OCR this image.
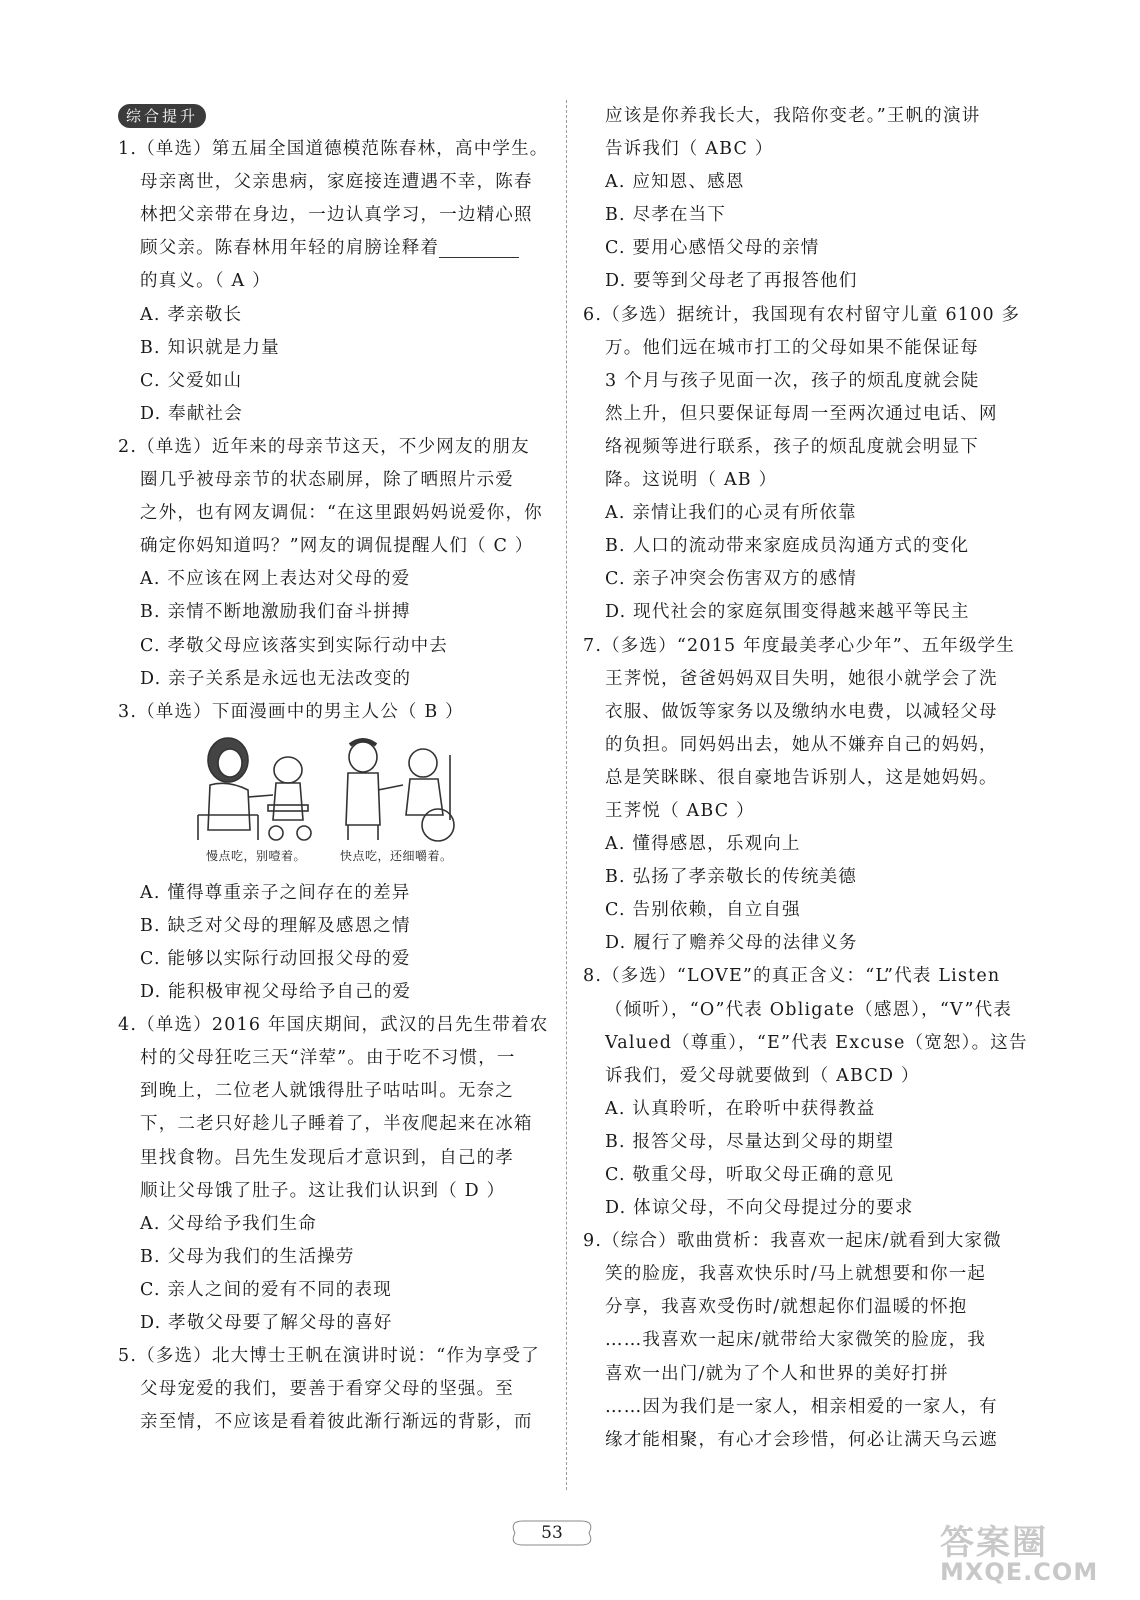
综合提升
1.（单选）第五届全国道德模范陈春林，高中学生。
母亲离世，父亲患病，家庭接连遭遇不幸，陈春
林把父亲带在身边，一边认真学习，一边精心照
顾父亲。陈春林用年轻的肩膀诠释着
的真义。（ A ）
A. 孝亲敬长
B. 知识就是力量
C. 父爱如山
D. 奉献社会
2.（单选）近年来的母亲节这天，不少网友的朋友
圈几乎被母亲节的状态刷屏，除了晒照片示爱
之外，也有网友调侃：“在这里跟妈妈说爱你，你
确定你妈知道吗？”网友的调侃提醒人们（ C ）
A. 不应该在网上表达对父母的爱
B. 亲情不断地激励我们奋斗拼搏
C. 孝敬父母应该落实到实际行动中去
D. 亲子关系是永远也无法改变的
3.（单选）下面漫画中的男主人公（ B ）
慢点吃，别噎着。	快点吃，还细嚼着。
A. 懂得尊重亲子之间存在的差异
B. 缺乏对父母的理解及感恩之情
C. 能够以实际行动回报父母的爱
D. 能积极审视父母给予自己的爱
4.（单选）2016 年国庆期间，武汉的吕先生带着农
村的父母狂吃三天“洋荤”。由于吃不习惯，一
到晚上，二位老人就饿得肚子咕咕叫。无奈之
下，二老只好趁儿子睡着了，半夜爬起来在冰箱
里找食物。吕先生发现后才意识到，自己的孝
顺让父母饿了肚子。这让我们认识到（ D ）
A. 父母给予我们生命
B. 父母为我们的生活操劳
C. 亲人之间的爱有不同的表现
D. 孝敬父母要了解父母的喜好
5.（多选）北大博士王帆在演讲时说：“作为享受了
父母宠爱的我们，要善于看穿父母的坚强。至
亲至情，不应该是看着彼此渐行渐远的背影，而
应该是你养我长大，我陪你变老。”王帆的演讲
告诉我们（ ABC ）
A. 应知恩、感恩
B. 尽孝在当下
C. 要用心感悟父母的亲情
D. 要等到父母老了再报答他们
6.（多选）据统计，我国现有农村留守儿童 6100 多
万。他们远在城市打工的父母如果不能保证每
3 个月与孩子见面一次，孩子的烦乱度就会陡
然上升，但只要保证每周一至两次通过电话、网
络视频等进行联系，孩子的烦乱度就会明显下
降。这说明（ AB ）
A. 亲情让我们的心灵有所依靠
B. 人口的流动带来家庭成员沟通方式的变化
C. 亲子冲突会伤害双方的感情
D. 现代社会的家庭氛围变得越来越平等民主
7.（多选）“2015 年度最美孝心少年”、五年级学生
王荠悦，爸爸妈妈双目失明，她很小就学会了洗
衣服、做饭等家务以及缴纳水电费，以减轻父母
的负担。同妈妈出去，她从不嫌弃自己的妈妈，
总是笑眯眯、很自豪地告诉别人，这是她妈妈。
王荠悦（ ABC ）
A. 懂得感恩，乐观向上
B. 弘扬了孝亲敬长的传统美德
C. 告别依赖，自立自强
D. 履行了赡养父母的法律义务
8.（多选）“LOVE”的真正含义：“L”代表 Listen
（倾听），“O”代表 Obligate（感恩），“V”代表
Valued（尊重），“E”代表 Excuse（宽恕）。这告
诉我们，爱父母就要做到（ ABCD ）
A. 认真聆听，在聆听中获得教益
B. 报答父母，尽量达到父母的期望
C. 敬重父母，听取父母正确的意见
D. 体谅父母，不向父母提过分的要求
9.（综合）歌曲赏析：我喜欢一起床/就看到大家微
笑的脸庞，我喜欢快乐时/马上就想要和你一起
分享，我喜欢受伤时/就想起你们温暖的怀抱
……我喜欢一起床/就带给大家微笑的脸庞，我
喜欢一出门/就为了个人和世界的美好打拼
……因为我们是一家人，相亲相爱的一家人，有
缘才能相聚，有心才会珍惜，何必让满天乌云遮
53	答案圈
MXQE.COM
